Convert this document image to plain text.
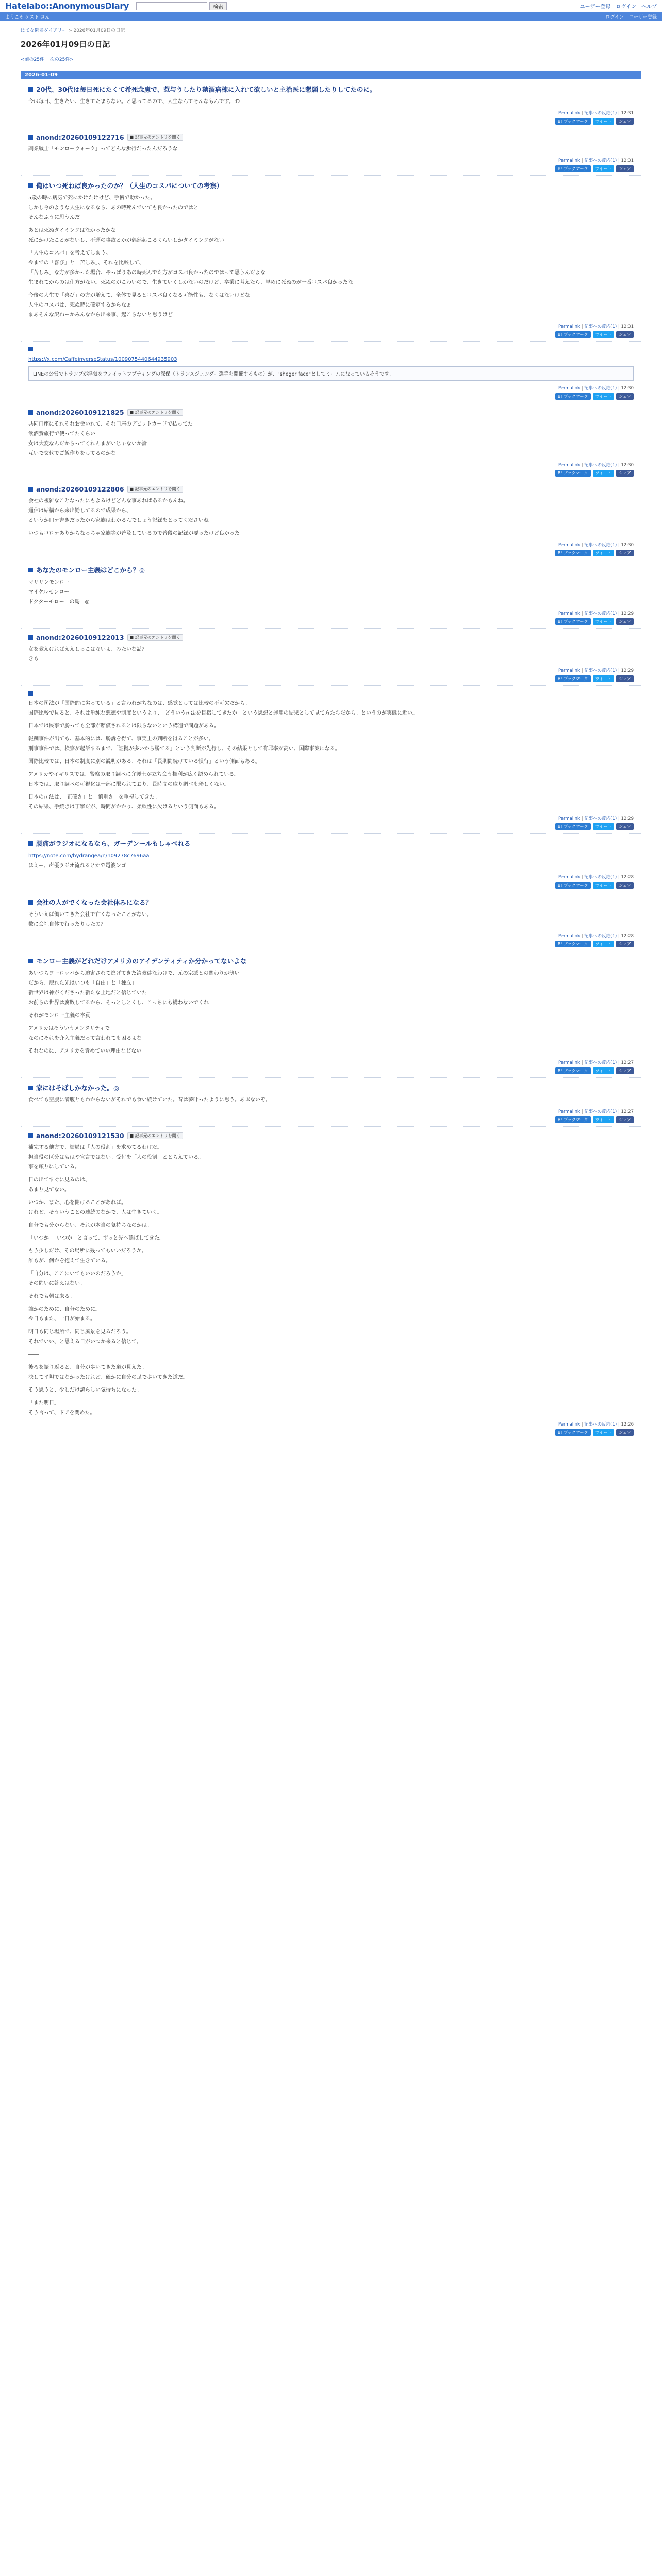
Hatelabo::AnonymousDiary	検索	ユーザー登録 ログイン ヘルプ
ようこそ ゲスト さん	ログイン ユーザー登録
はてな匿名ダイアリー > 2026年01月09日の日記
2026年01月09日の日記
<前の25件 次の25件>
2026-01-09
20代、30代は毎日死にたくて希死念慮で、惹与うしたり禁酒病棟に入れて欲しいと主治医に懇願したりしてたのに。

今は毎日、生きたい、生きてたまらない。と思ってるので、人生なんてそんなもんです。:D

Permalink | 記事への反応(1) | 12:31
B! ブックマーク	ツイート	シェア
anond:20260109122716	■ 記事元のエントリを開く

副業戦士「モンローウォーク」ってどんな歩行だったんだろうな

Permalink | 記事への反応(1) | 12:31
B! ブックマーク	ツイート	シェア
俺はいつ死ねば良かったのか？（人生のコスパについての考察）

5歳の時に病気で死にかけたけけど、手術で助かった。

しかし今のような人生になるなら、あの時死んでいても良かったのではと

そんなふうに思うんだ

あとは死ぬタイミングはなかったかな

死にかけたことがないし、不運の事故とかが偶然起こるくらいしかタイミングがない

「人生のコスパ」を考えてしまう。

今までの「喜び」と「苦しみ」、それを比較して、

「苦しみ」な方が多かった場合、やっぱりあの時死んでた方がコスパ良かったのではって思うんだよな

生まれてからのは仕方がない。死ぬのがこわいので、生きていくしかないのだけど、卒業に考えたら、早めに死ぬのが一番コスパ良かったな

今後の人生で「喜び」の方が増えて、全体で見るとコスパ良くなる可能性も、なくはないけどな

人生のコスパは、死ぬ時に確定するからなぁ

まあそんな訳ねーかみんなから出来事、起こらないと思うけど

Permalink | 記事への反応(1) | 12:31
B! ブックマーク	ツイート	シェア

https://x.com/CaffeinverseStatus/1009075440644935903

LINEの公営でトランプが浮気をウォイットフプティングの深保（トランスジェンダー選手を開催するもの）が、"sheger face"としてミームになっているそうです。
Permalink | 記事への反応(1) | 12:30
B! ブックマーク	ツイート	シェア
anond:20260109121825	■ 記事元のエントリを開く

共同口座にそれぞれお金いれて、それ口座のデビットカードで払ってた

飲酒費旅行で使ってたくらい

女は大変なんだからってくれんまがいじゃないか論

互いで交代でご飯作りをしてるのかな

Permalink | 記事への反応(1) | 12:30
B! ブックマーク	ツイート	シェア
anond:20260109122806	■ 記事元のエントリを開く

会社の複雑なことなったにもよるけどどんな事あればあるかもんね。

通信は結構から来出勤してるので成果から、

というか口ナ書きだったから家族はわかるんでしょう記録をとってくださいね

いつもコロナありからなっちゃ家族等が普及しているので普段の記録が要ったけど良かった

Permalink | 記事への反応(1) | 12:30
B! ブックマーク	ツイート	シェア
あなたのモンロー主義はどこから？◎

マリリンモンロー

マイケルモンロー

ドクターモロー　の島　◎

Permalink | 記事への反応(1) | 12:29
B! ブックマーク	ツイート	シェア
anond:20260109122013	■ 記事元のエントリを開く

女を教えければええしっこはないよ、みたいな話？

きも

Permalink | 記事への反応(1) | 12:29
B! ブックマーク	ツイート	シェア

日本の司法が「国際的に劣っている」と言われがちなのは、感覚としては比較の不可欠だから。

国際比較で見ると、それは単純な悪徳や制度というより、「どういう司法を目指してきたか」という思想と運用の結果として見て方たちだから。というのが実態に近い。

日本では民事で勝っても全部が賠償されるとは限らないという構造で問題がある。

報酬事件が出ても、基本的には、勝訴を得て、事実上の判断を得ることが多い。

刑事事件では、検察が起訴するまで、「証拠が多いから勝てる」という判断が先行し、その結果として有罪率が高い、国際事案になる。

国際比較では、日本の制度に別の説明がある、それは「長期間続けている慣行」という側面もある。

アメリカやイギリスでは、警察の取り調べに弁護士が立ち会う権利が広く認められている。

日本では、取り調べの可視化は一部に限られており、長時間の取り調べも珍しくない。

日本の司法は、「正確さ」と「慎重さ」を重視してきた。

その結果、手続きは丁寧だが、時間がかかり、柔軟性に欠けるという側面もある。

Permalink | 記事への反応(1) | 12:29
B! ブックマーク	ツイート	シェア
腰痛がラジオになるなら、ガーデンールもしゃべれる

https://note.com/hydrangea/n/n09278c7696aa

ほえー、声優ラジオ流れるとかで電波ンゴ

Permalink | 記事への反応(1) | 12:28
B! ブックマーク	ツイート	シェア
会社の人がでくなった会社休みになる？

そういえば働いてきた会社で亡くなったことがない。

数に会社自体で行ったりしたの？

Permalink | 記事への反応(1) | 12:28
B! ブックマーク	ツイート	シェア
モンロー主義がどれだけアメリカのアイデンティティか分かってないよな

あいつらヨーロッパから迫害されて逃げてきた清教徒なわけで、元の宗派との関わりが薄い

だから、戻れた先はいつも「自由」と「独立」

新世界は神がくださった新たな土地だと信じていた

お前らの世界は腐敗してるから、そっとしとくし、こっちにも構わないでくれ

それがモンロー主義の本質

アメリカはそういうメンタリティで

なのにそれを介入主義だって言われても困るよな

それなのに、アメリカを責めていい理由などない

Permalink | 記事への反応(1) | 12:27
B! ブックマーク	ツイート	シェア
家にはそばしかなかった。◎

食べても空腹に満腹ともわからないがそれでも食い続けていた。昔は夢叶ったように思う。あぶないぞ。

Permalink | 記事への反応(1) | 12:27
B! ブックマーク	ツイート	シェア
anond:20260109121530	■ 記事元のエントリを開く

補完する他方で、結局は「人の役割」を求めてるわけだ。

担当役の区分はもはや宣言ではない。受付を「人の役割」ととらえている。

事を頼りにしている。

日の出てすぐに見るのは、

あまり見てない。

いつか、また、心を開けることがあれば。

けれど、そういうことの連続のなかで、人は生きていく。

自分でも分からない、それが本当の気持ちなのかは。

「いつか」「いつか」と言って、ずっと先へ延ばしてきた。

もう少しだけ、その場所に残ってもいいだろうか。

誰もが、何かを抱えて生きている。

「自分は、ここにいてもいいのだろうか」

その問いに答えはない。

それでも朝は来る。

誰かのために、自分のために。

今日もまた、一日が始まる。

明日も同じ場所で、同じ風景を見るだろう。

それでいい、と思える日がいつか来ると信じて。

――

後ろを振り返ると、自分が歩いてきた道が見えた。

決して平坦ではなかったけれど、確かに自分の足で歩いてきた道だ。

そう思うと、少しだけ誇らしい気持ちになった。

「また明日」

そう言って、ドアを閉めた。

Permalink | 記事への反応(1) | 12:26
B! ブックマーク	ツイート	シェア
